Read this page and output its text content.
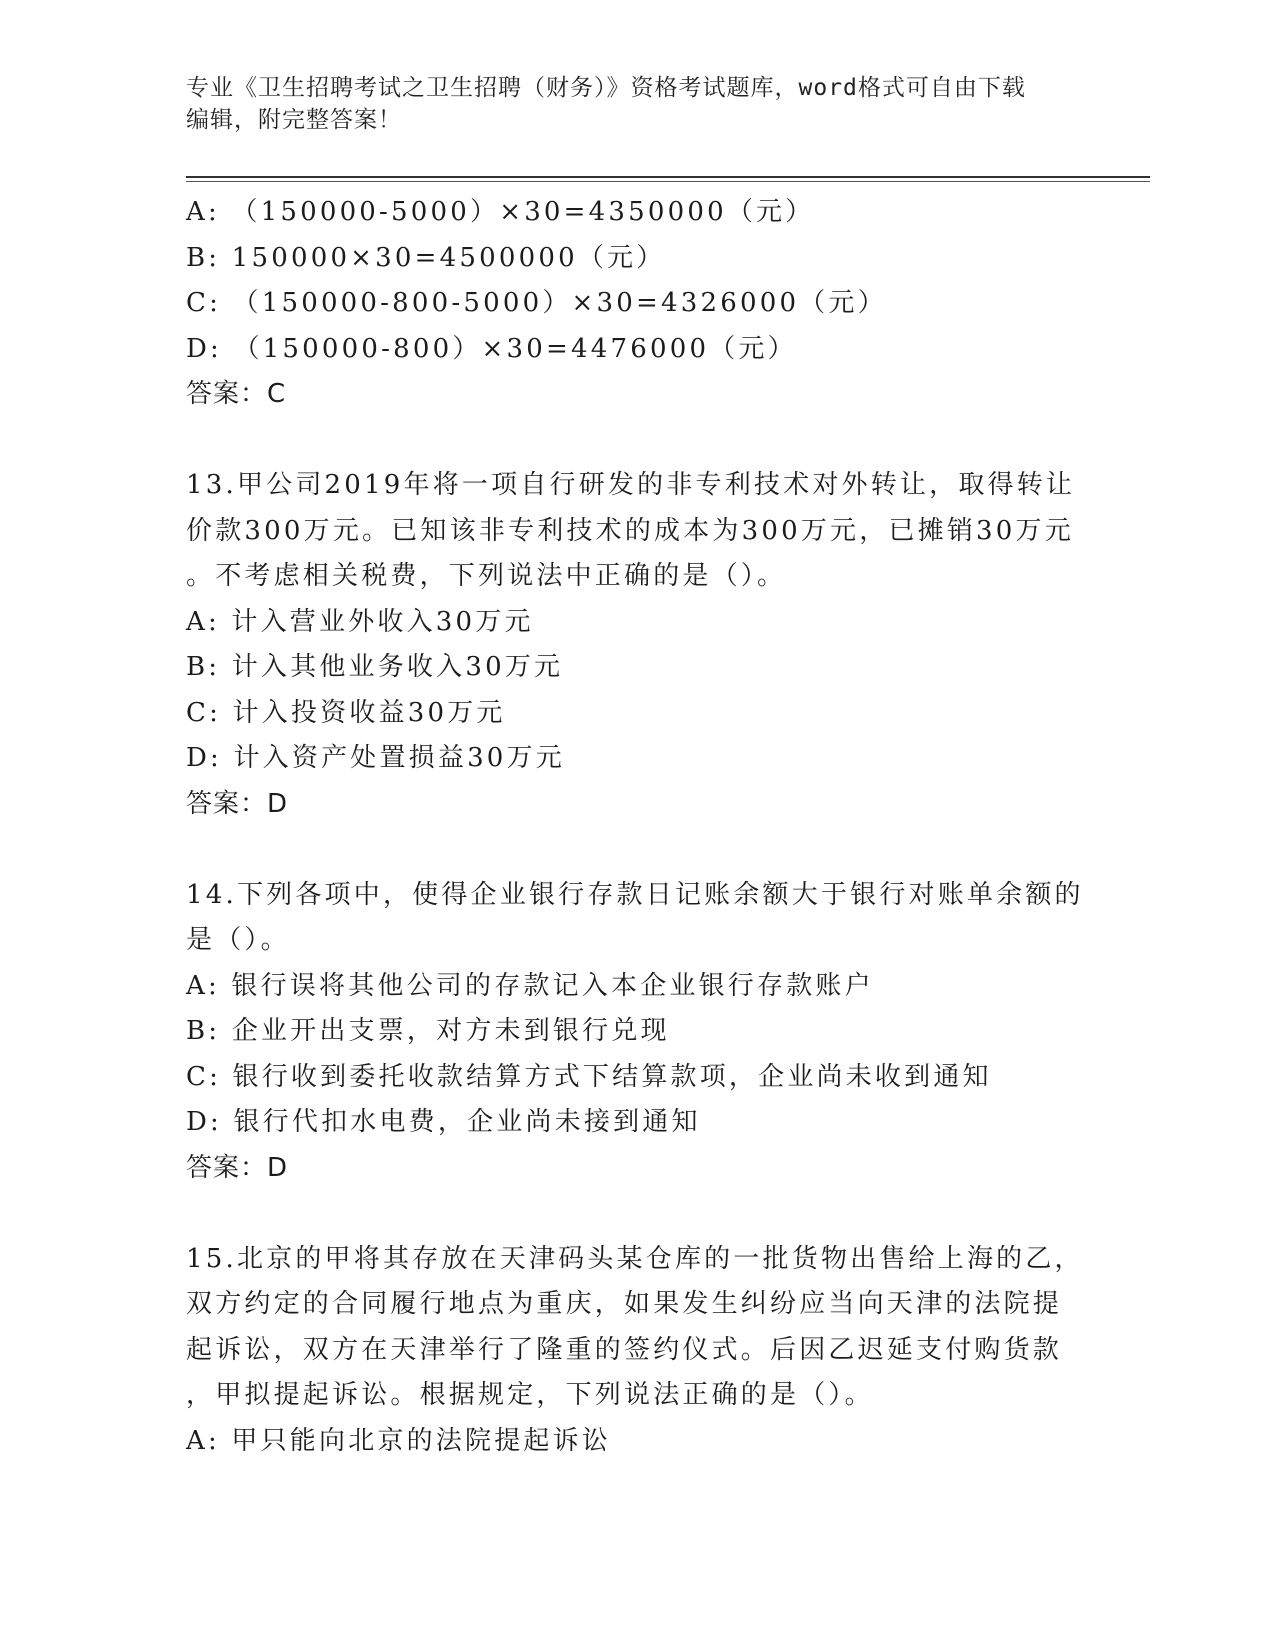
专业《卫生招聘考试之卫生招聘（财务）》资格考试题库，word格式可自由下载
编辑，附完整答案！
A: （150000-5000）×30=4350000（元）
B: 150000×30=4500000（元）
C: （150000-800-5000）×30=4326000（元）
D: （150000-800）×30=4476000（元）
答案：C
13.甲公司2019年将一项自行研发的非专利技术对外转让，取得转让
价款300万元。已知该非专利技术的成本为300万元，已摊销30万元
。不考虑相关税费，下列说法中正确的是（）。
A: 计入营业外收入30万元
B: 计入其他业务收入30万元
C: 计入投资收益30万元
D: 计入资产处置损益30万元
答案：D
14.下列各项中，使得企业银行存款日记账余额大于银行对账单余额的
是（）。
A: 银行误将其他公司的存款记入本企业银行存款账户
B: 企业开出支票，对方未到银行兑现
C: 银行收到委托收款结算方式下结算款项，企业尚未收到通知
D: 银行代扣水电费，企业尚未接到通知
答案：D
15.北京的甲将其存放在天津码头某仓库的一批货物出售给上海的乙，
双方约定的合同履行地点为重庆，如果发生纠纷应当向天津的法院提
起诉讼，双方在天津举行了隆重的签约仪式。后因乙迟延支付购货款
，甲拟提起诉讼。根据规定，下列说法正确的是（）。
A: 甲只能向北京的法院提起诉讼
